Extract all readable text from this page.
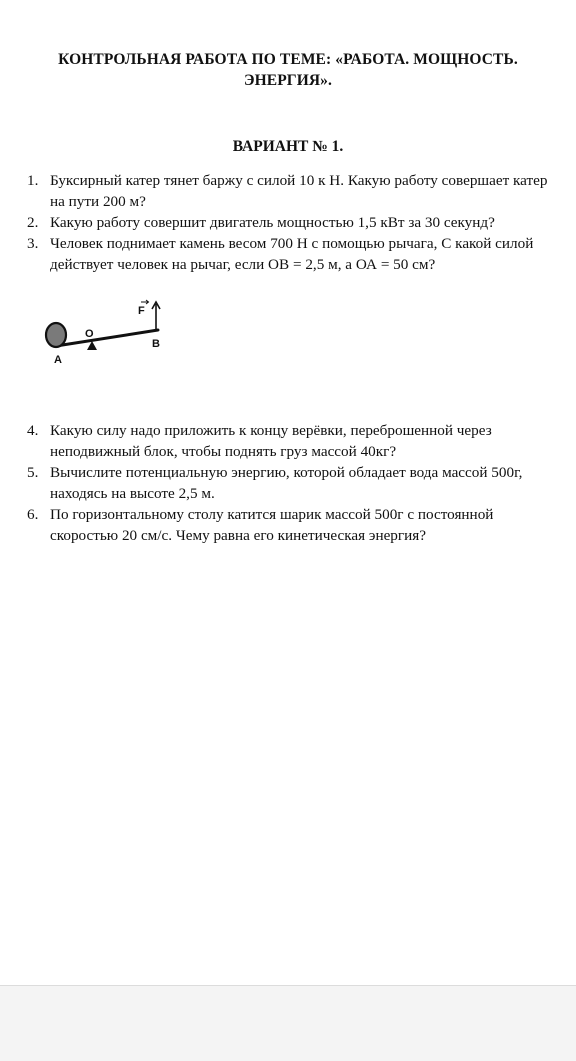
КОНТРОЛЬНАЯ РАБОТА ПО ТЕМЕ: «РАБОТА. МОЩНОСТЬ. ЭНЕРГИЯ».
ВАРИАНТ № 1.
1. Буксирный катер тянет баржу с силой 10 к Н. Какую работу совершает катер на пути 200 м?
2. Какую работу совершит двигатель мощностью 1,5 кВт за 30 секунд?
3. Человек поднимает камень весом 700 Н с помощью рычага, С какой силой действует человек на рычаг, если ОВ = 2,5 м, а ОА = 50 см?
F
O
A
B
4. Какую силу надо приложить к концу верёвки, переброшенной через неподвижный блок, чтобы поднять груз массой 40кг?
5. Вычислите потенциальную энергию, которой обладает вода массой 500г, находясь на высоте 2,5 м.
6. По горизонтальному столу катится шарик массой 500г с постоянной скоростью 20 см/с. Чему равна его кинетическая энергия?
